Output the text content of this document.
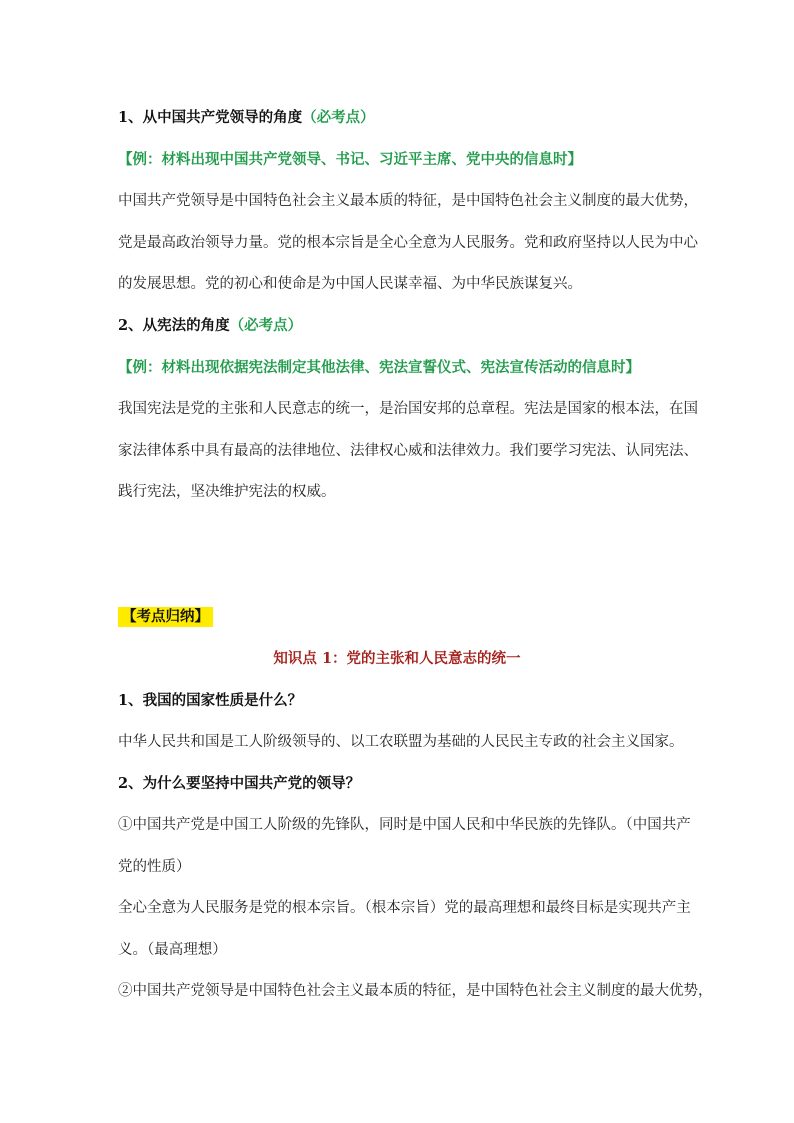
1、从中国共产党领导的角度（必考点）
【例：材料出现中国共产党领导、书记、习近平主席、党中央的信息时】
中国共产党领导是中国特色社会主义最本质的特征，是中国特色社会主义制度的最大优势，
党是最高政治领导力量。党的根本宗旨是全心全意为人民服务。党和政府坚持以人民为中心
的发展思想。党的初心和使命是为中国人民谋幸福、为中华民族谋复兴。
2、从宪法的角度（必考点）
【例：材料出现依据宪法制定其他法律、宪法宣誓仪式、宪法宣传活动的信息时】
我国宪法是党的主张和人民意志的统一，是治国安邦的总章程。宪法是国家的根本法，在国
家法律体系中具有最高的法律地位、法律权心威和法律效力。我们要学习宪法、认同宪法、
践行宪法，坚决维护宪法的权威。
【考点归纳】
知识点 1：党的主张和人民意志的统一
1、我国的国家性质是什么？
中华人民共和国是工人阶级领导的、以工农联盟为基础的人民民主专政的社会主义国家。
2、为什么要坚持中国共产党的领导？
①中国共产党是中国工人阶级的先锋队，同时是中国人民和中华民族的先锋队。（中国共产
党的性质）
全心全意为人民服务是党的根本宗旨。（根本宗旨）党的最高理想和最终目标是实现共产主
义。（最高理想）
②中国共产党领导是中国特色社会主义最本质的特征，是中国特色社会主义制度的最大优势，
